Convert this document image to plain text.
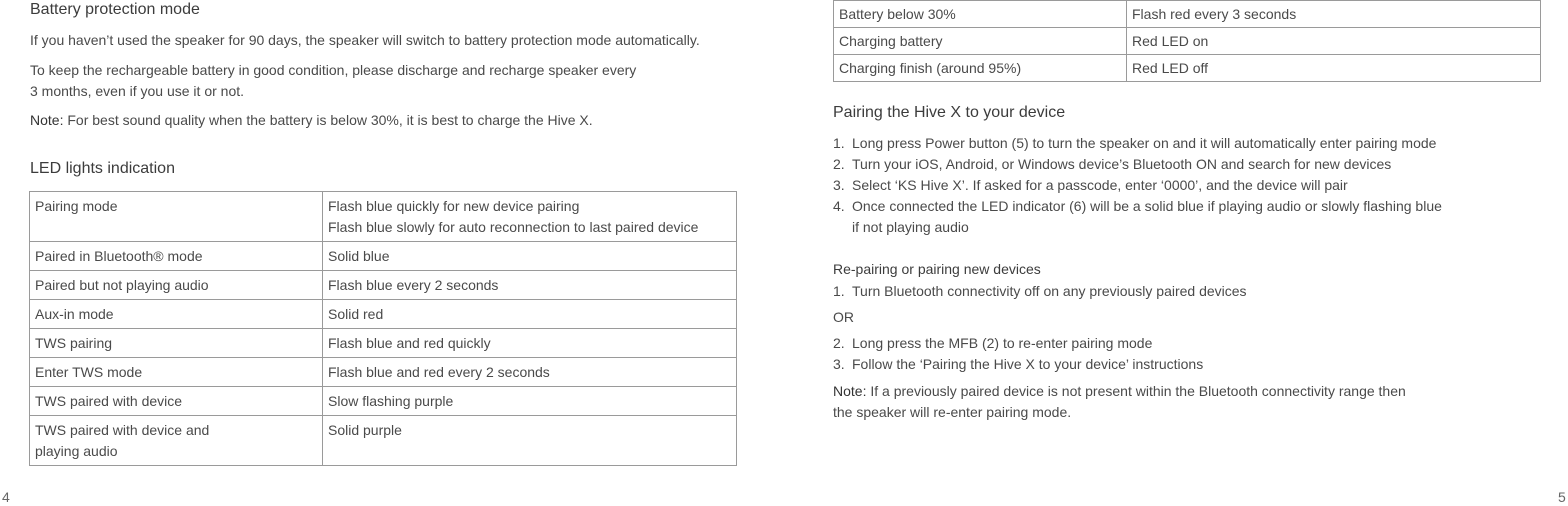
Battery protection mode

If you haven’t used the speaker for 90 days, the speaker will switch to battery protection mode automatically.

To keep the rechargeable battery in good condition, please discharge and recharge speaker every

3 months, even if you use it or not.

Note: For best sound quality when the battery is below 30%, it is best to charge the Hive X.

LED lights indication
Pairing mode	Flash blue quickly for new device pairing
Flash blue slowly for auto reconnection to last paired device

Paired in Bluetooth® mode	Solid blue
Paired but not playing audio	Flash blue every 2 seconds
Aux-in mode	Solid red
TWS pairing	Flash blue and red quickly
Enter TWS mode	Flash blue and red every 2 seconds
TWS paired with device	Slow flashing purple

TWS paired with device and
playing audio	Solid purple
4
Battery below 30%	Flash red every 3 seconds
Charging battery	Red LED on
Charging finish (around 95%)	Red LED off
Pairing the Hive X to your device
1. Long press Power button (5) to turn the speaker on and it will automatically enter pairing mode
2. Turn your iOS, Android, or Windows device’s Bluetooth ON and search for new devices
3. Select ‘KS Hive X’. If asked for a passcode, enter ‘0000’, and the device will pair
4. Once connected the LED indicator (6) will be a solid blue if playing audio or slowly flashing blue
if not playing audio
Re-pairing or pairing new devices
1. Turn Bluetooth connectivity off on any previously paired devices

OR

2. Long press the MFB (2) to re-enter pairing mode
3. Follow the ‘Pairing the Hive X to your device’ instructions

Note: If a previously paired device is not present within the Bluetooth connectivity range then

the speaker will re-enter pairing mode.

5
